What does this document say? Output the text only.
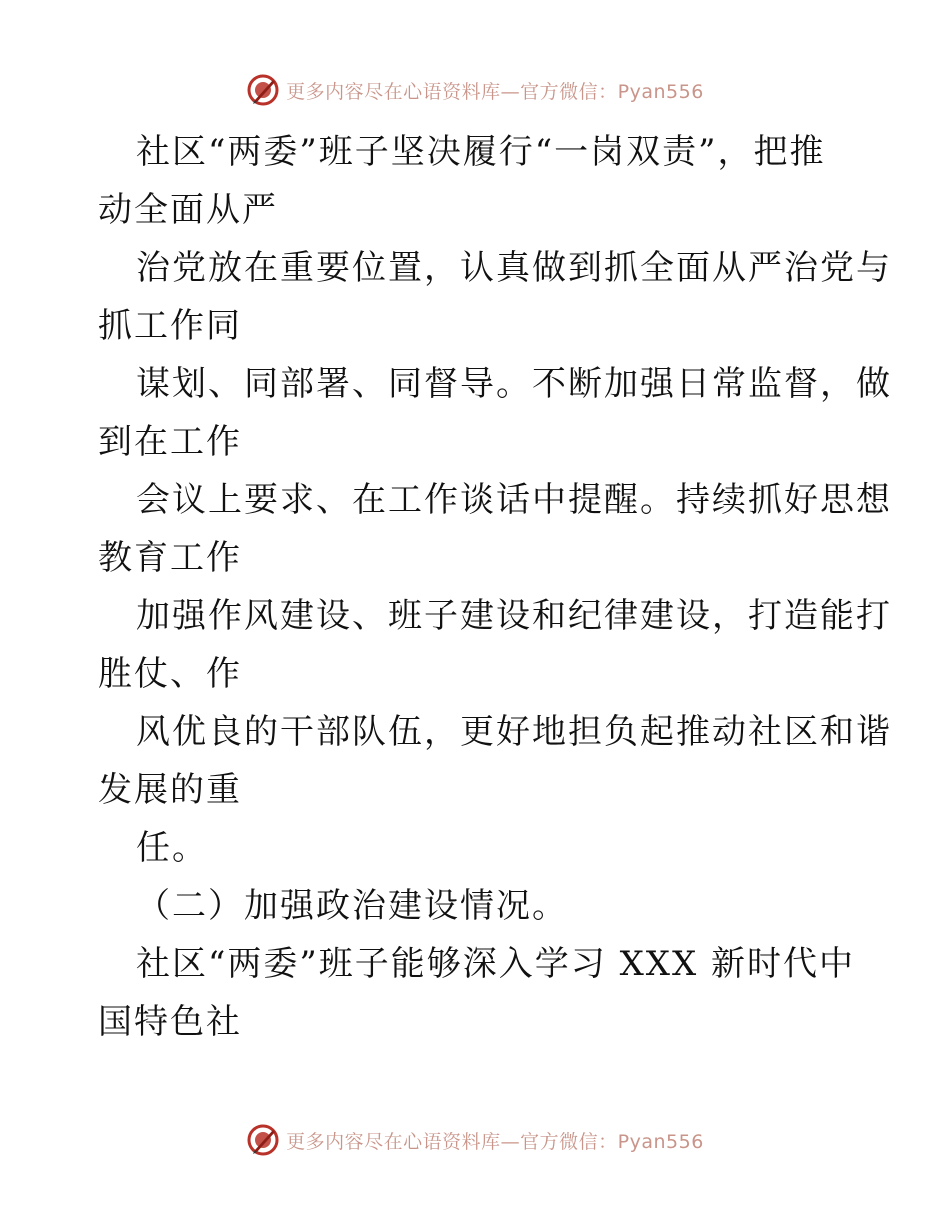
更多内容尽在心语资料库—官方微信：Pyan556
社区“两委”班子坚决履行“一岗双责”，把推
动全面从严
治党放在重要位置，认真做到抓全面从严治党与
抓工作同
谋划、同部署、同督导。不断加强日常监督，做
到在工作
会议上要求、在工作谈话中提醒。持续抓好思想
教育工作
加强作风建设、班子建设和纪律建设，打造能打
胜仗、作
风优良的干部队伍，更好地担负起推动社区和谐
发展的重
任。
（二）加强政治建设情况。
社区“两委”班子能够深入学习 XXX 新时代中
国特色社
更多内容尽在心语资料库—官方微信：Pyan556
